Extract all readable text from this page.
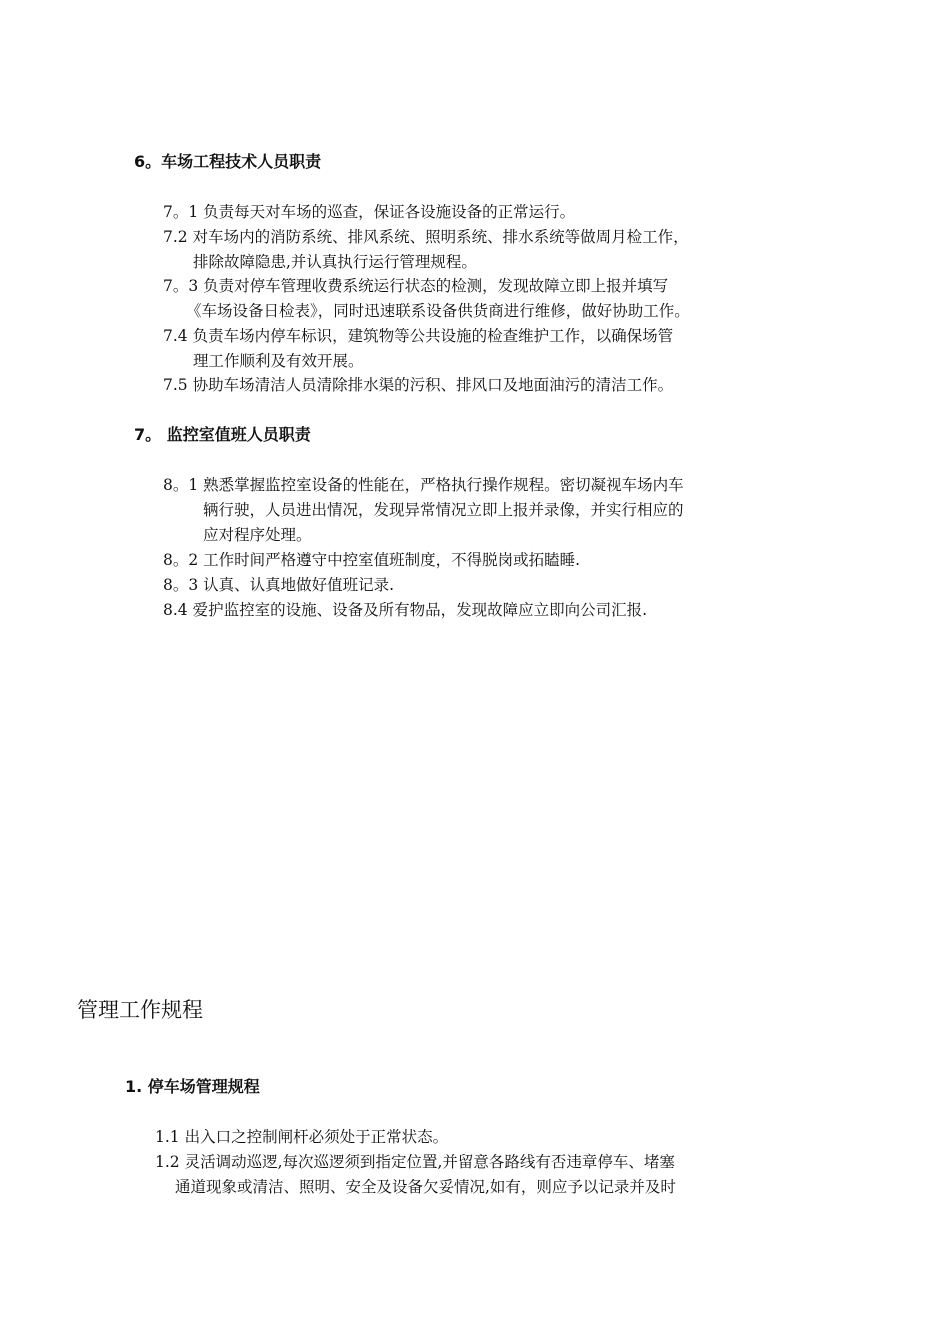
6。车场工程技术人员职责
7。1 负责每天对车场的巡查，保证各设施设备的正常运行。
7.2 对车场内的消防系统、排风系统、照明系统、排水系统等做周月检工作，
排除故障隐患,并认真执行运行管理规程。
7。3 负责对停车管理收费系统运行状态的检测，发现故障立即上报并填写
《车场设备日检表》，同时迅速联系设备供货商进行维修，做好协助工作。
7.4 负责车场内停车标识，建筑物等公共设施的检查维护工作，以确保场管
理工作顺利及有效开展。
7.5 协助车场清洁人员清除排水渠的污积、排风口及地面油污的清洁工作。
7。 监控室值班人员职责
8。1 熟悉掌握监控室设备的性能在，严格执行操作规程。密切凝视车场内车
辆行驶，人员进出情况，发现异常情况立即上报并录像，并实行相应的
应对程序处理。
8。2 工作时间严格遵守中控室值班制度，不得脱岗或拓瞌睡.
8。3 认真、认真地做好值班记录.
8.4 爱护监控室的设施、设备及所有物品，发现故障应立即向公司汇报.
管理工作规程
1. 停车场管理规程
1.1 出入口之控制闸杆必须处于正常状态。
1.2 灵活调动巡逻,每次巡逻须到指定位置,并留意各路线有否违章停车、堵塞
通道现象或清洁、照明、安全及设备欠妥情况,如有，则应予以记录并及时
